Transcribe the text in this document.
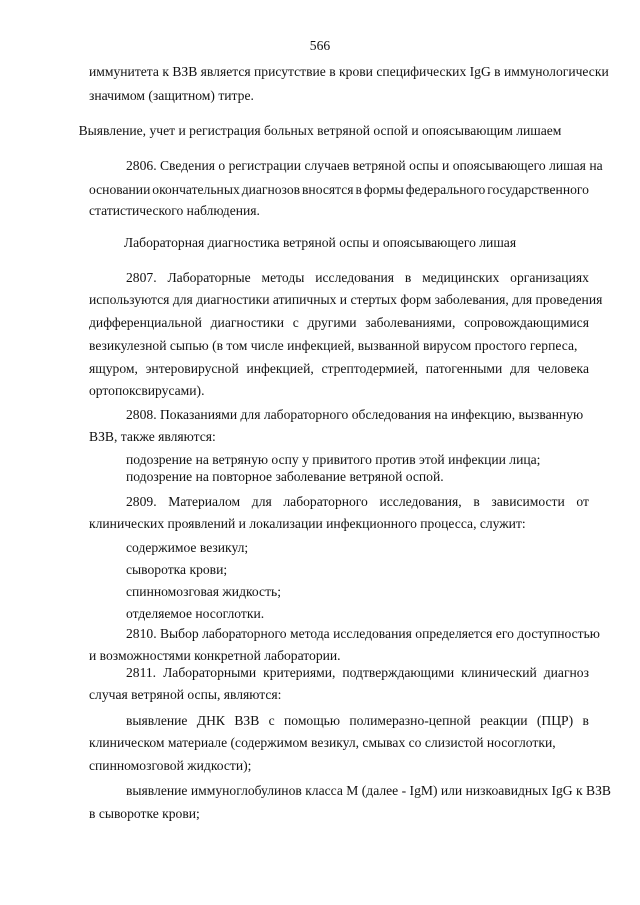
566
иммунитета к ВЗВ является присутствие в крови специфических IgG в иммунологически
значимом (защитном) титре.
Выявление, учет и регистрация больных ветряной оспой и опоясывающим лишаем
2806. Сведения о регистрации случаев ветряной оспы и опоясывающего лишая на
основании окончательных диагнозов вносятся в формы федерального государственного
статистического наблюдения.
Лабораторная диагностика ветряной оспы и опоясывающего лишая
2807. Лабораторные методы исследования в медицинских организациях
используются для диагностики атипичных и стертых форм заболевания, для проведения
дифференциальной диагностики с другими заболеваниями, сопровождающимися
везикулезной сыпью (в том числе инфекцией, вызванной вирусом простого герпеса,
ящуром, энтеровирусной инфекцией, стрептодермией, патогенными для человека
ортопоксвирусами).
2808. Показаниями для лабораторного обследования на инфекцию, вызванную
ВЗВ, также являются:
подозрение на ветряную оспу у привитого против этой инфекции лица;
подозрение на повторное заболевание ветряной оспой.
2809. Материалом для лабораторного исследования, в зависимости от
клинических проявлений и локализации инфекционного процесса, служит:
содержимое везикул;
сыворотка крови;
спинномозговая жидкость;
отделяемое носоглотки.
2810. Выбор лабораторного метода исследования определяется его доступностью
и возможностями конкретной лаборатории.
2811. Лабораторными критериями, подтверждающими клинический диагноз
случая ветряной оспы, являются:
выявление ДНК ВЗВ с помощью полимеразно-цепной реакции (ПЦР) в
клиническом материале (содержимом везикул, смывах со слизистой носоглотки,
спинномозговой жидкости);
выявление иммуноглобулинов класса М (далее - IgM) или низкоавидных IgG к ВЗВ
в сыворотке крови;
